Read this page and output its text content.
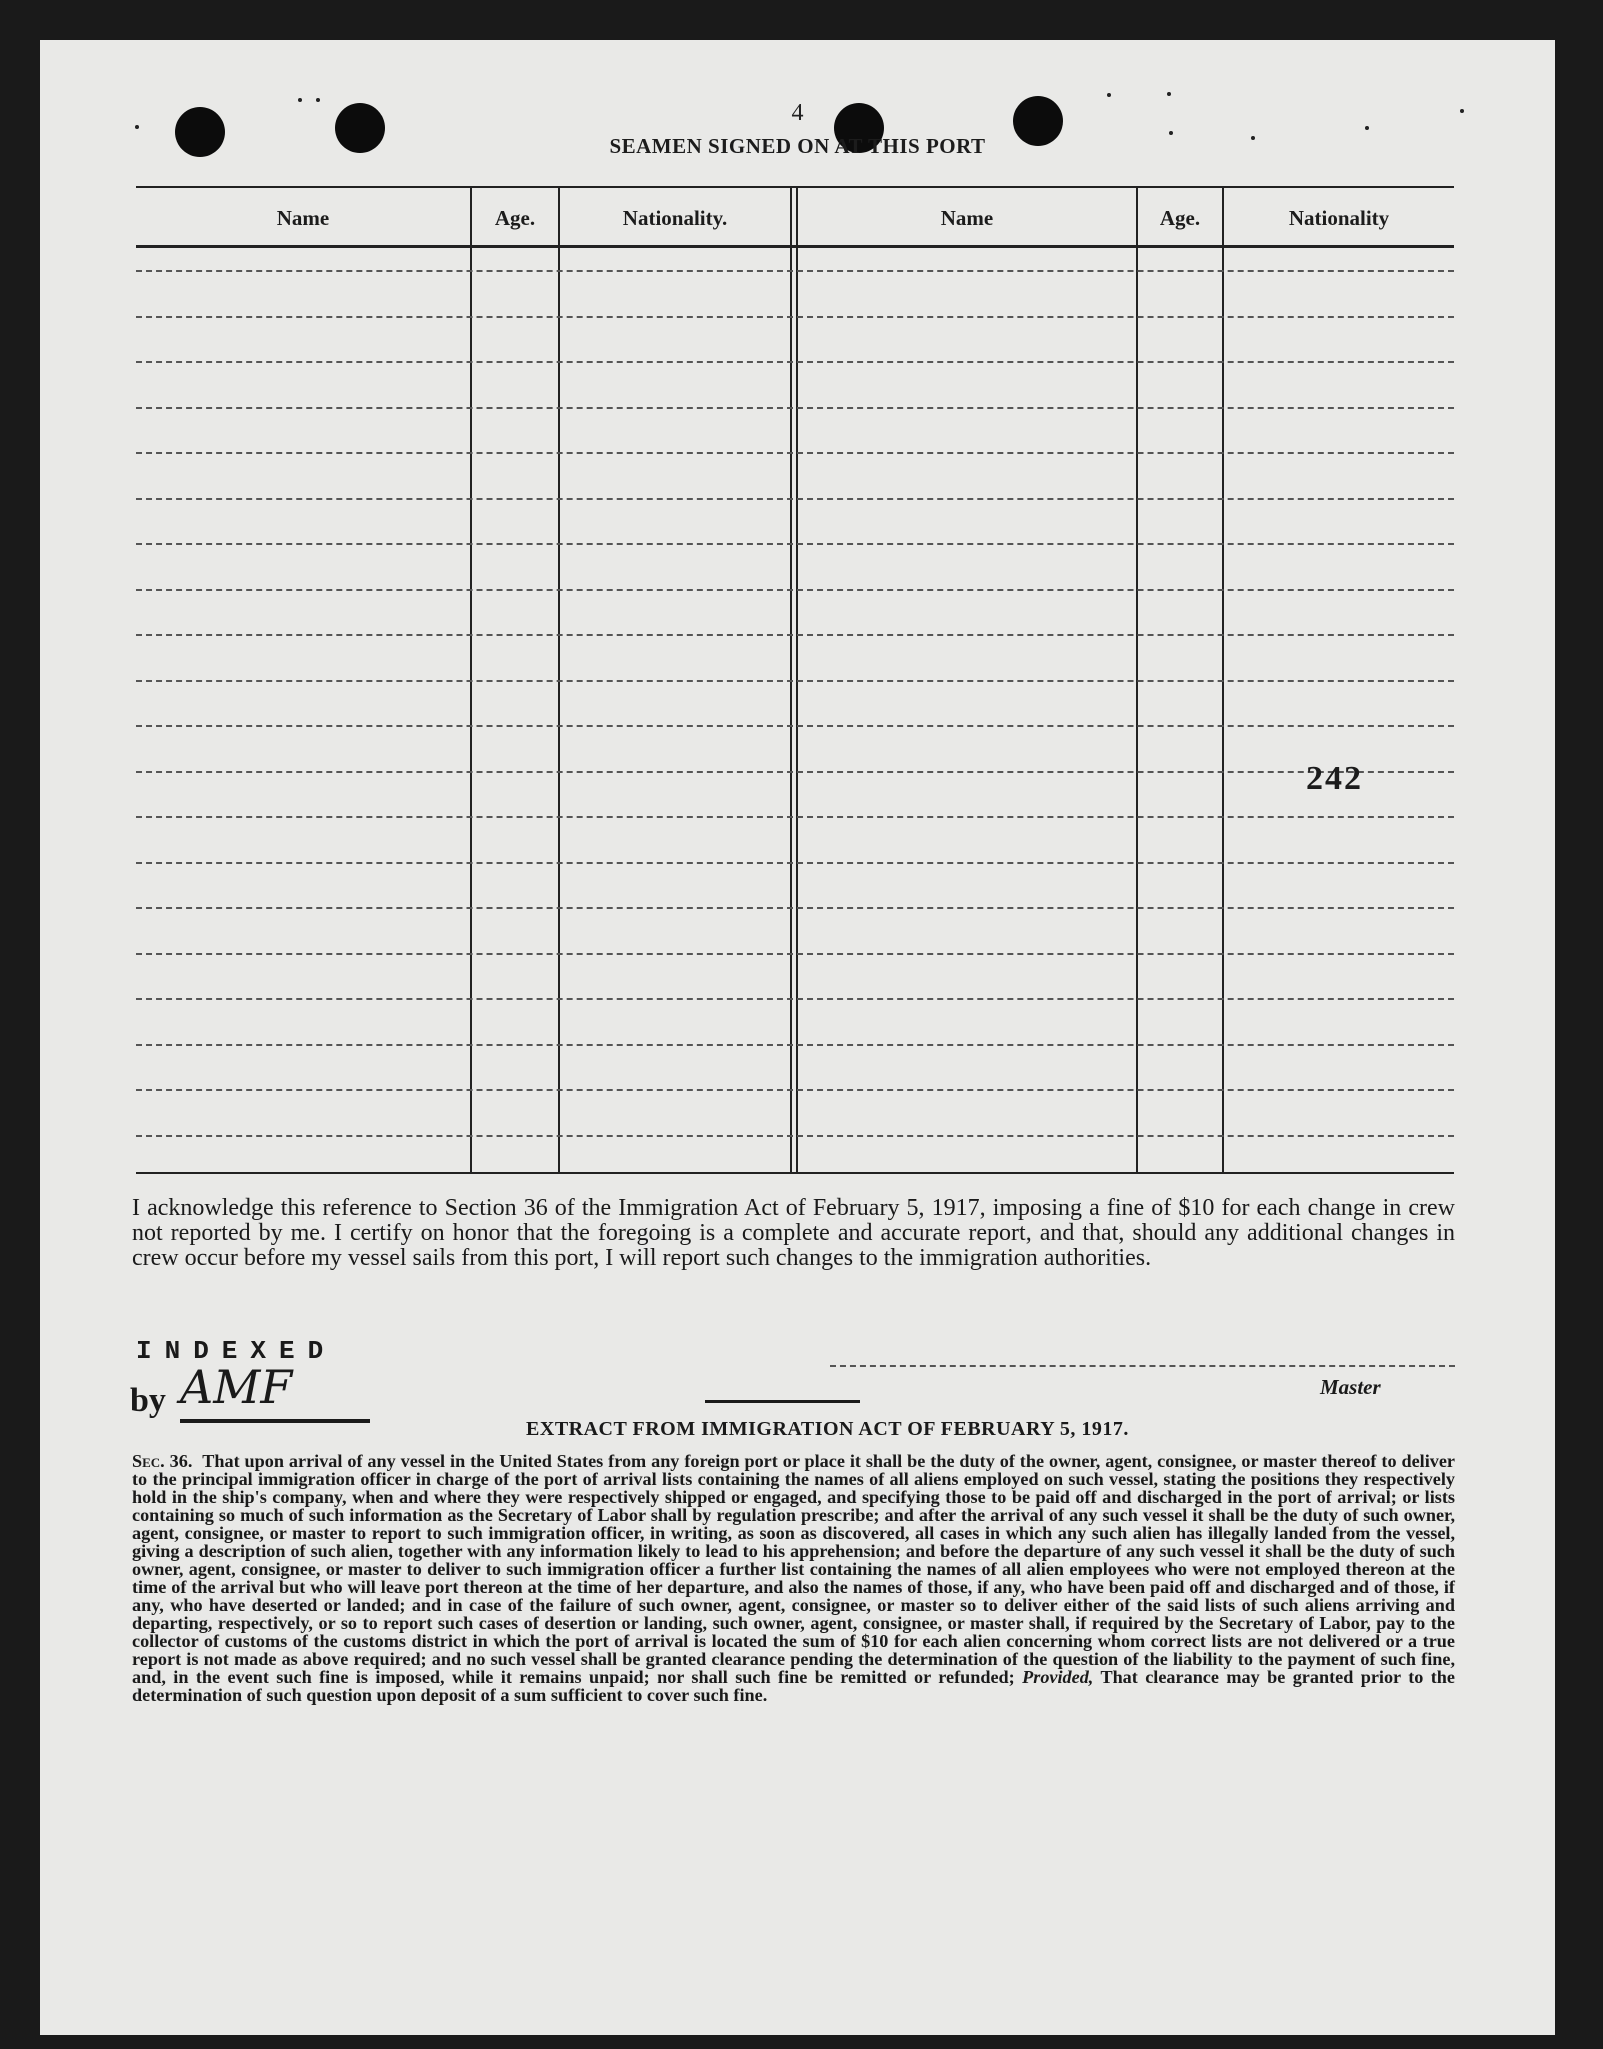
4
SEAMEN SIGNED ON AT THIS PORT
Name	Age.	Nationality.	Name	Age.	Nationality
242
I acknowledge this reference to Section 36 of the Immigration Act of February 5, 1917, imposing a fine of $10 for each change in crew not reported by me. I certify on honor that the foregoing is a complete and accurate report, and that, should any additional changes in crew occur before my vessel sails from this port, I will report such changes to the immigration authorities.
INDEXED
by AMF	Master
EXTRACT FROM IMMIGRATION ACT OF FEBRUARY 5, 1917.
Sec. 36. That upon arrival of any vessel in the United States from any foreign port or place it shall be the duty of the owner, agent, consignee, or master thereof to deliver to the principal immigration officer in charge of the port of arrival lists containing the names of all aliens employed on such vessel, stating the positions they respectively hold in the ship's company, when and where they were respectively shipped or engaged, and specifying those to be paid off and discharged in the port of arrival; or lists containing so much of such information as the Secretary of Labor shall by regulation prescribe; and after the arrival of any such vessel it shall be the duty of such owner, agent, consignee, or master to report to such immigration officer, in writing, as soon as discovered, all cases in which any such alien has illegally landed from the vessel, giving a description of such alien, together with any information likely to lead to his apprehension; and before the departure of any such vessel it shall be the duty of such owner, agent, consignee, or master to deliver to such immigration officer a further list containing the names of all alien employees who were not employed thereon at the time of the arrival but who will leave port thereon at the time of her departure, and also the names of those, if any, who have been paid off and discharged and of those, if any, who have deserted or landed; and in case of the failure of such owner, agent, consignee, or master so to deliver either of the said lists of such aliens arriving and departing, respectively, or so to report such cases of desertion or landing, such owner, agent, consignee, or master shall, if required by the Secretary of Labor, pay to the collector of customs of the customs district in which the port of arrival is located the sum of $10 for each alien concerning whom correct lists are not delivered or a true report is not made as above required; and no such vessel shall be granted clearance pending the determination of the question of the liability to the payment of such fine, and, in the event such fine is imposed, while it remains unpaid; nor shall such fine be remitted or refunded; Provided, That clearance may be granted prior to the determination of such question upon deposit of a sum sufficient to cover such fine.
